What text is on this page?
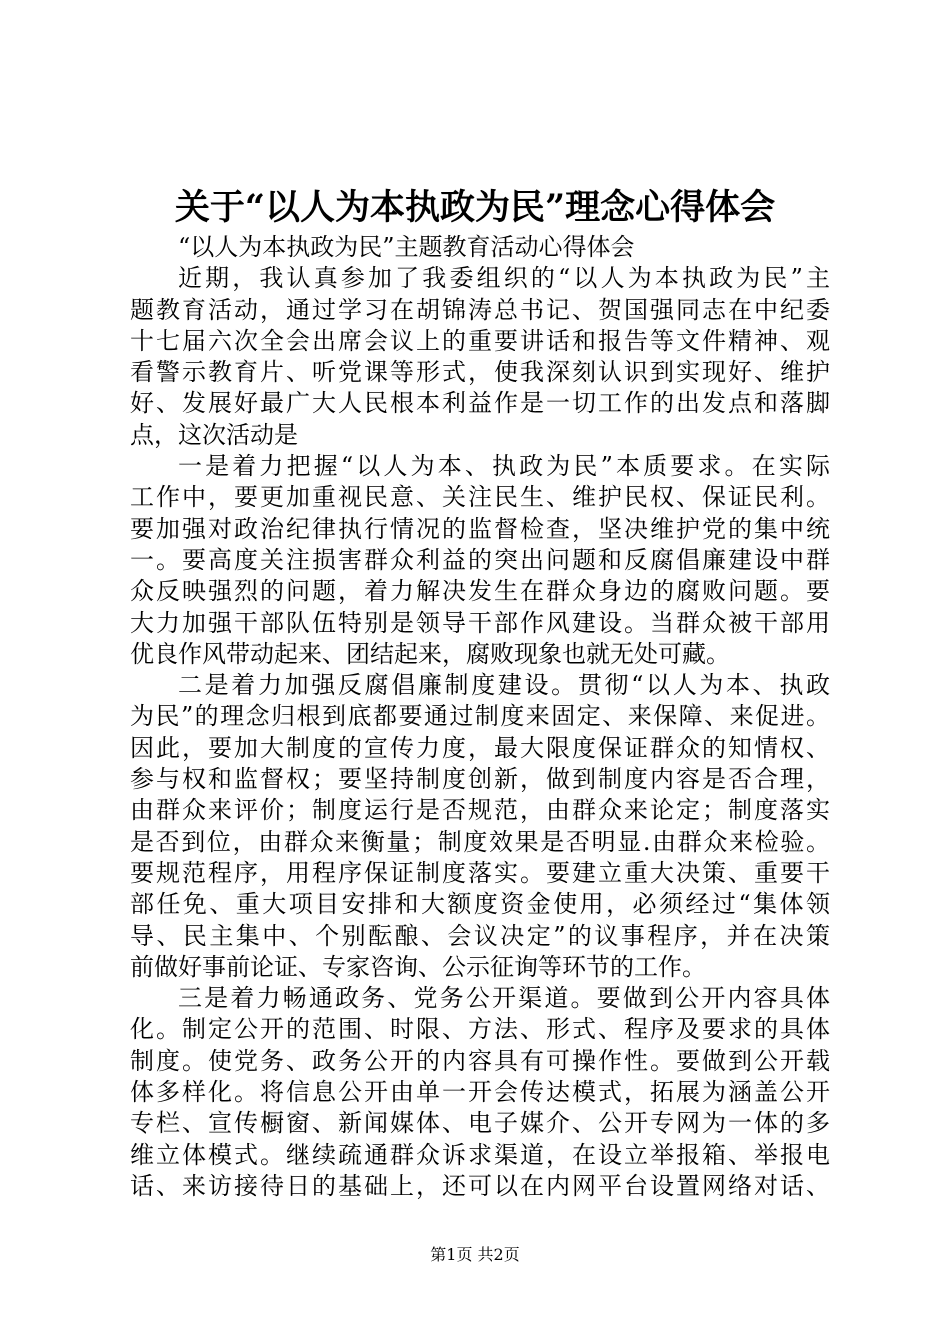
关于“以人为本执政为民”理念心得体会
“以人为本执政为民”主题教育活动心得体会
近期，我认真参加了我委组织的“以人为本执政为民”主
题教育活动，通过学习在胡锦涛总书记、贺国强同志在中纪委
十七届六次全会出席会议上的重要讲话和报告等文件精神、观
看警示教育片、听党课等形式，使我深刻认识到实现好、维护
好、发展好最广大人民根本利益作是一切工作的出发点和落脚
点，这次活动是
一是着力把握“以人为本、执政为民”本质要求。在实际
工作中，要更加重视民意、关注民生、维护民权、保证民利。
要加强对政治纪律执行情况的监督检查，坚决维护党的集中统
一。要高度关注损害群众利益的突出问题和反腐倡廉建设中群
众反映强烈的问题，着力解决发生在群众身边的腐败问题。要
大力加强干部队伍特别是领导干部作风建设。当群众被干部用
优良作风带动起来、团结起来，腐败现象也就无处可藏。
二是着力加强反腐倡廉制度建设。贯彻“以人为本、执政
为民”的理念归根到底都要通过制度来固定、来保障、来促进。
因此，要加大制度的宣传力度，最大限度保证群众的知情权、
参与权和监督权；要坚持制度创新，做到制度内容是否合理，
由群众来评价；制度运行是否规范，由群众来论定；制度落实
是否到位，由群众来衡量；制度效果是否明显.由群众来检验。
要规范程序，用程序保证制度落实。要建立重大决策、重要干
部任免、重大项目安排和大额度资金使用，必须经过“集体领
导、民主集中、个别酝酿、会议决定”的议事程序，并在决策
前做好事前论证、专家咨询、公示征询等环节的工作。
三是着力畅通政务、党务公开渠道。要做到公开内容具体
化。制定公开的范围、时限、方法、形式、程序及要求的具体
制度。使党务、政务公开的内容具有可操作性。要做到公开载
体多样化。将信息公开由单一开会传达模式，拓展为涵盖公开
专栏、宣传橱窗、新闻媒体、电子媒介、公开专网为一体的多
维立体模式。继续疏通群众诉求渠道，在设立举报箱、举报电
话、来访接待日的基础上，还可以在内网平台设置网络对话、
第1页 共2页
